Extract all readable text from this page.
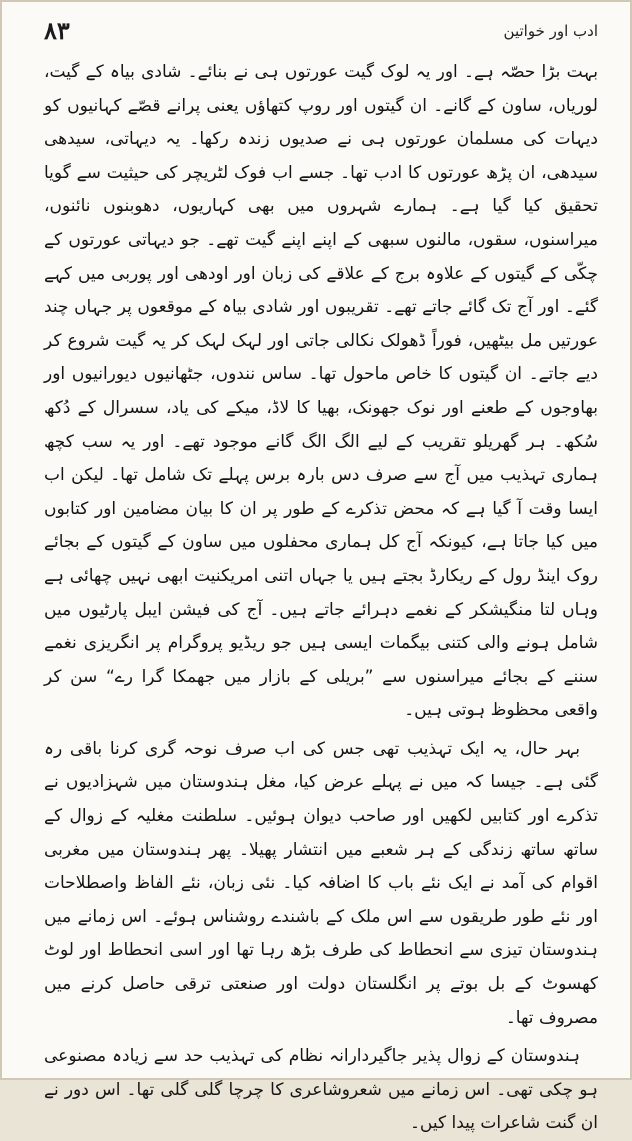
۸۳	ادب اور خواتین

بہت بڑا حصّہ ہے۔ اور یہ لوک گیت عورتوں ہی نے بنائے۔ شادی بیاہ کے گیت، لوریاں، ساون کے گانے۔ ان گیتوں اور روپ کتھاؤں یعنی پرانے قصّے کہانیوں کو دیہات کی مسلمان عورتوں ہی نے صدیوں زندہ رکھا۔ یہ دیہاتی، سیدھی سیدھی، ان پڑھ عورتوں کا ادب تھا۔ جسے اب فوک لٹریچر کی حیثیت سے گویا تحقیق کیا گیا ہے۔ ہمارے شہروں میں بھی کہاریوں، دھوبنوں نائنوں، میراسنوں، سقوں، مالنوں سبھی کے اپنے اپنے گیت تھے۔ جو دیہاتی عورتوں کے چکّی کے گیتوں کے علاوہ برج کے علاقے کی زبان اور اودھی اور پوربی میں کہے گئے۔ اور آج تک گائے جاتے تھے۔ تقریبوں اور شادی بیاہ کے موقعوں پر جہاں چند عورتیں مل بیٹھیں، فوراً ڈھولک نکالی جاتی اور لہک لہک کر یہ گیت شروع کر دیے جاتے۔ ان گیتوں کا خاص ماحول تھا۔ ساس نندوں، جٹھانیوں دیورانیوں اور بھاوجوں کے طعنے اور نوک جھونک، بھیا کا لاڈ، میکے کی یاد، سسرال کے دُکھ سُکھ۔ ہر گھریلو تقریب کے لیے الگ الگ گانے موجود تھے۔ اور یہ سب کچھ ہماری تہذیب میں آج سے صرف دس بارہ برس پہلے تک شامل تھا۔ لیکن اب ایسا وقت آ گیا ہے کہ محض تذکرے کے طور پر ان کا بیان مضامین اور کتابوں میں کیا جاتا ہے، کیونکہ آج کل ہماری محفلوں میں ساون کے گیتوں کے بجائے روک اینڈ رول کے ریکارڈ بجتے ہیں یا جہاں اتنی امریکنیت ابھی نہیں چھائی ہے وہاں لتا منگیشکر کے نغمے دہرائے جاتے ہیں۔ آج کی فیشن ایبل پارٹیوں میں شامل ہونے والی کتنی بیگمات ایسی ہیں جو ریڈیو پروگرام پر انگریزی نغمے سننے کے بجائے میراسنوں سے ”بریلی کے بازار میں جھمکا گرا رے“ سن کر واقعی محظوظ ہوتی ہیں۔

بہر حال، یہ ایک تہذیب تھی جس کی اب صرف نوحہ گری کرنا باقی رہ گئی ہے۔ جیسا کہ میں نے پہلے عرض کیا، مغل ہندوستان میں شہزادیوں نے تذکرے اور کتابیں لکھیں اور صاحب دیوان ہوئیں۔ سلطنت مغلیہ کے زوال کے ساتھ ساتھ زندگی کے ہر شعبے میں انتشار پھیلا۔ پھر ہندوستان میں مغربی اقوام کی آمد نے ایک نئے باب کا اضافہ کیا۔ نئی زبان، نئے الفاظ واصطلاحات اور نئے طور طریقوں سے اس ملک کے باشندے روشناس ہوئے۔ اس زمانے میں ہندوستان تیزی سے انحطاط کی طرف بڑھ رہا تھا اور اسی انحطاط اور لوٹ کھسوٹ کے بل بوتے پر انگلستان دولت اور صنعتی ترقی حاصل کرنے میں مصروف تھا۔

ہندوستان کے زوال پذیر جاگیردارانہ نظام کی تہذیب حد سے زیادہ مصنوعی ہو چکی تھی۔ اس زمانے میں شعروشاعری کا چرچا گلی گلی تھا۔ اس دور نے ان گنت شاعرات پیدا کیں۔
